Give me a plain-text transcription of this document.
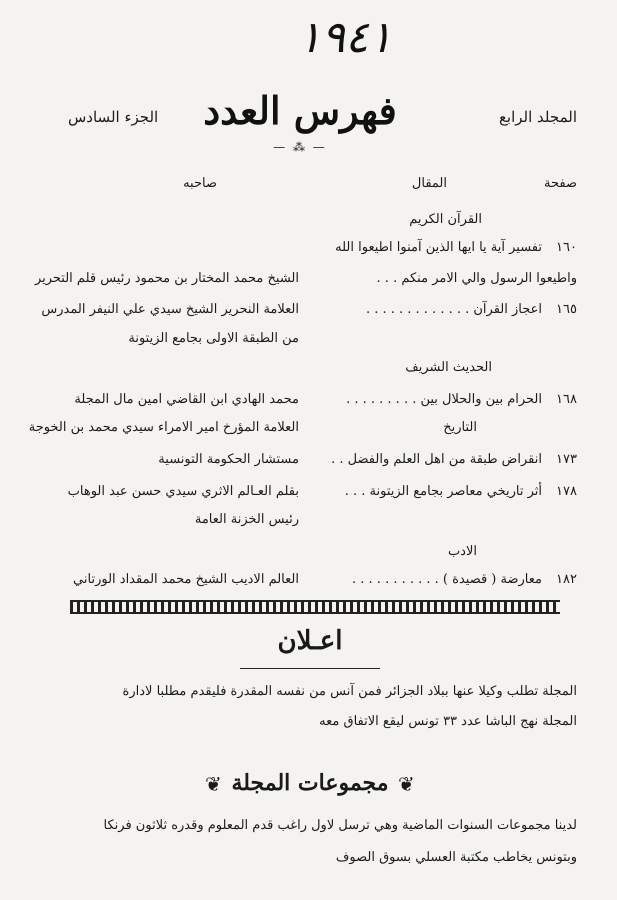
١٩٤١
فهرس العدد
— ⁂ —
المجلد الرابع
الجزء السادس
صفحة
المقال
صاحبه
القرآن الكريم
١٦٠
تفسير آية يا ايها الذين آمنوا اطيعوا الله
واطيعوا الرسول والي الامر منكم . . .
الشيخ محمد المختار بن محمود رئيس قلم التحرير
١٦٥
اعجاز القرآن . . . . . . . . . . . . .
العلامة النحرير الشيخ سيدي علي النيفر المدرس
من الطبقة الاولى بجامع الزيتونة
الحديث الشريف
١٦٨
الحرام بين والحلال بين . . . . . . . . .
محمد الهادي ابن القاضي امين مال المجلة
التاريخ
العلامة المؤرخ امير الامراء سيدي محمد بن الخوجة
١٧٣
انقراض طبقة من اهل العلم والفضل . .
مستشار الحكومة التونسية
١٧٨
أثر تاريخي معاصر بجامع الزيتونة . . .
بقلم العـالم الاثري سيدي حسن عبد الوهاب
رئيس الخزنة العامة
الادب
١٨٢
معارضة ( قصيدة ) . . . . . . . . . . .
العالم الاديب الشيخ محمد المقداد الورتاني
اعـلان
المجلة تطلب وكيلا عنها ببلاد الجزائر فمن آنس من نفسه المقدرة فليقدم مطلبا لادارة
المجلة نهج الباشا عدد ٣٣ تونس ليقع الاتفاق معه
❦ مجموعات المجلة ❦
لدينا مجموعات السنوات الماضية وهي ترسل لاول راغب قدم المعلوم وقدره ثلاثون فرنكا
وبتونس يخاطب مكتبة العسلي بسوق الصوف
